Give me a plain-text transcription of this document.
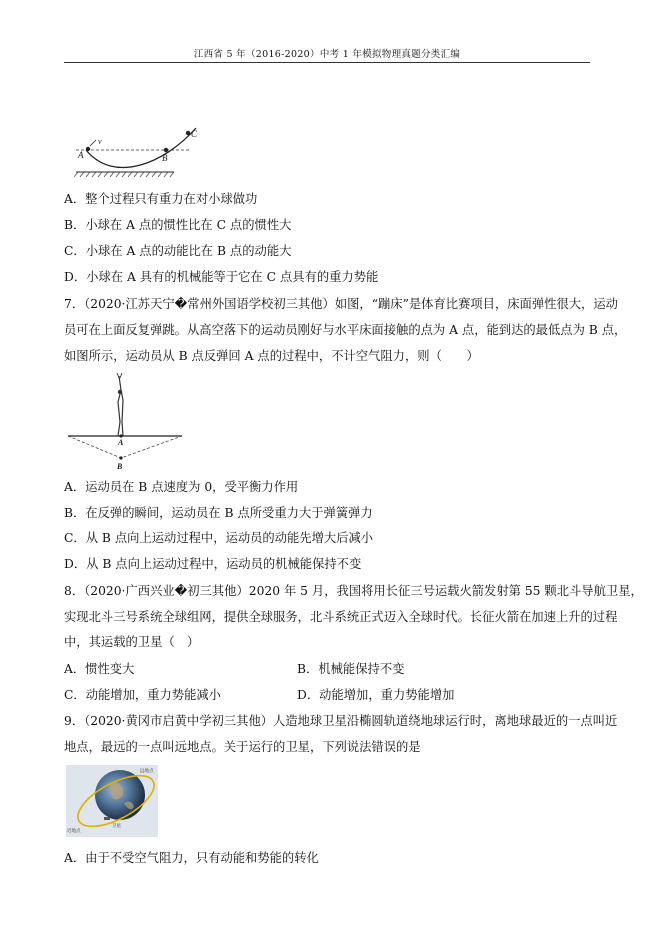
江西省 5 年（2016-2020）中考 1 年模拟物理真题分类汇编
A
v
B
C
A．整个过程只有重力在对小球做功
B．小球在 A 点的惯性比在 C 点的惯性大
C．小球在 A 点的动能比在 B 点的动能大
D．小球在 A 具有的机械能等于它在 C 点具有的重力势能
7．（2020·江苏天宁�常州外国语学校初三其他）如图，“蹦床”是体育比赛项目，床面弹性很大，运动
员可在上面反复弹跳。从高空落下的运动员刚好与水平床面接触的点为 A 点，能到达的最低点为 B 点，
如图所示，运动员从 B 点反弹回 A 点的过程中，不计空气阻力，则（　　）
A
B
A．运动员在 B 点速度为 0，受平衡力作用
B．在反弹的瞬间，运动员在 B 点所受重力大于弹簧弹力
C．从 B 点向上运动过程中，运动员的动能先增大后减小
D．从 B 点向上运动过程中，运动员的机械能保持不变
8．（2020·广西兴业�初三其他）2020 年 5 月，我国将用长征三号运载火箭发射第 55 颗北斗导航卫星，
实现北斗三号系统全球组网，提供全球服务，北斗系统正式迈入全球时代。长征火箭在加速上升的过程
中，其运载的卫星（　）
A．惯性变大	B．机械能保持不变
C．动能增加，重力势能减小	D．动能增加，重力势能增加
9．（2020·黄冈市启黄中学初三其他）人造地球卫星沿椭圆轨道绕地球运行时，离地球最近的一点叫近
地点，最远的一点叫远地点。关于运行的卫星，下列说法错误的是
远地点
近地点
卫星
A．由于不受空气阻力，只有动能和势能的转化
